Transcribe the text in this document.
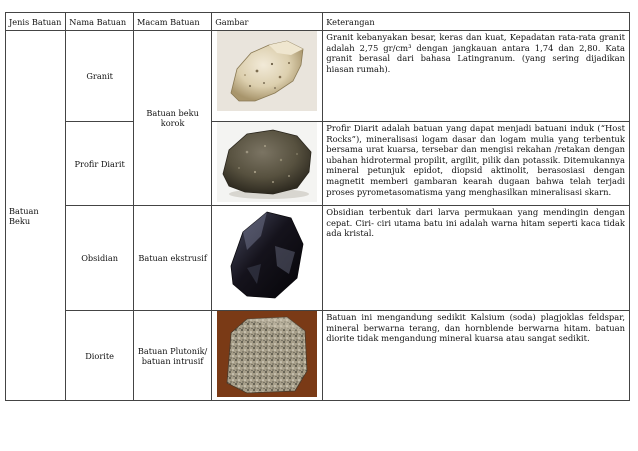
Jenis Batuan	Nama Batuan	Macam Batuan	Gambar	Keterangan
Batuan Beku	Granit	Batuan beku korok		Granit kebanyakan besar, keras dan kuat, Kepadatan rata-rata granit adalah 2,75 gr/cm³ dengan jangkauan antara 1,74 dan 2,80. Kata granit berasal dari bahasa Latingranum. (yang sering dijadikan hiasan rumah).
	Profir Diarit			Profir Diarit adalah batuan yang dapat menjadi batuani induk (“Host Rocks”), mineralisasi logam dasar dan logam mulia yang terbentuk bersama urat kuarsa, tersebar dan mengisi rekahan /retakan dengan ubahan hidrotermal propilit, argilit, pilik dan potassik. Ditemukannya mineral petunjuk epidot, diopsid aktinolit, berasosiasi dengan magnetit memberi gambaran kearah dugaan bahwa telah terjadi proses pyrometasomatisma yang menghasilkan mineralisasi skarn.
	Obsidian	Batuan ekstrusif		Obsidian terbentuk dari larva permukaan yang mendingin dengan cepat. Ciri- ciri utama batu ini adalah warna hitam seperti kaca tidak ada kristal.
	Diorite	Batuan Plutonik/ batuan intrusif		Batuan ini mengandung sedikit Kalsium (soda) plagjoklas feldspar, mineral berwarna terang, dan hornblende berwarna hitam. batuan diorite tidak mengandung mineral kuarsa atau sangat sedikit.
